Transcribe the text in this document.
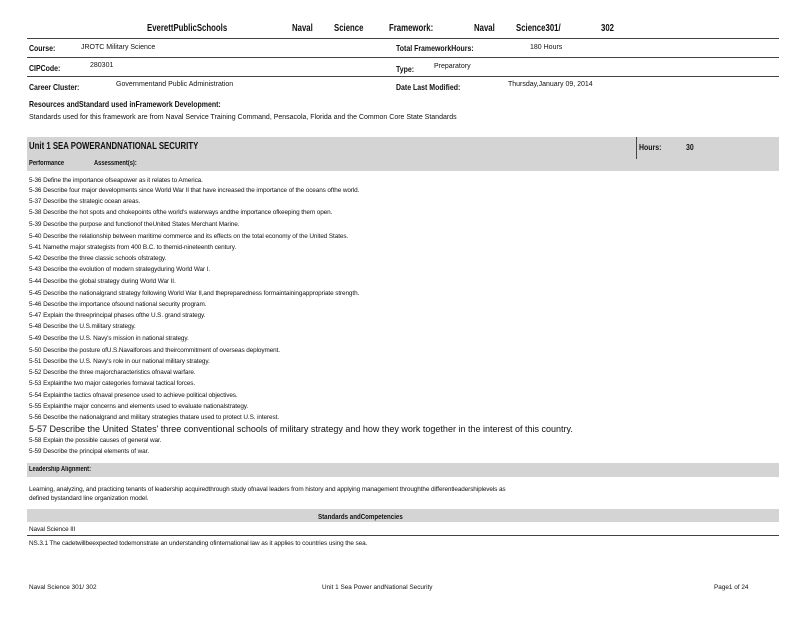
EverettPublicSchools	Naval Science	Framework:	Naval Science301/	302
Course:	JROTC Military Science	Total FrameworkHours:	180 Hours
CIPCode:	280301	Type:	Preparatory
Career Cluster:	Governmentand Public Administration	Date Last Modified:	Thursday,January 09, 2014
Resources andStandard used inFramework Development:
Standards used for this framework are from Naval Service Training Command, Pensacola, Florida and the Common Core State Standards
Unit 1 SEA POWERANDNATIONAL SECURITY	Hours:	30
Performance	Assessment(s):
5-36 Define the importance ofseapower as it relates to America.
5-36 Describe four major developments since World War II that have increased the importance of the oceans ofthe world.
5-37 Describe the strategic ocean areas.
5-38 Describe the hot spots and chokepoints ofthe world's waterways andthe importance ofkeeping them open.
5-39 Describe the purpose and functionof theUnited States Merchant Marine.
5-40 Describe the relationship between maritime commerce and its effects on the total economy of the United States.
5-41 Namethe major strategists from 400 B.C. to themid-nineteenth century.
5-42 Describe the three classic schools ofstrategy.
5-43 Describe the evolution of modern strategyduring World War I.
5-44 Describe the global strategy during World War II.
5-45 Describe the nationalgrand strategy following World War II,and thepreparedness formaintainingappropriate strength.
5-46 Describe the importance ofsound national security program.
5-47 Explain the threeprincipal phases ofthe U.S. grand strategy.
5-48 Describe the U.S.military strategy.
5-49 Describe the U.S. Navy's mission in national strategy.
5-50 Describe the posture ofU.S.Navalforces and theircommitment of overseas deployment.
5-51 Describe the U.S. Navy's role in our national military strategy.
5-52 Describe the three majorcharacteristics ofnaval warfare.
5-53 Explainthe two major categories fornaval tactical forces.
5-54 Explainthe tactics ofnaval presence used to achieve political objectives.
5-55 Explainthe major concerns and elements used to evaluate nationalstrategy.
5-56 Describe the nationalgrand and military strategies thatare used to protect U.S. interest.
5-57 Describe the United States' three conventional schools of military strategy and how they work together in the interest of this country.
5-58 Explain the possible causes of general war.
5-59 Describe the principal elements of war.
Leadership Alignment:
Learning, analyzing, and practicing tenants of leadership acquiredthrough study ofnaval leaders from history and applying management throughthe differentleadershiplevels as
defined bystandard line organization model.
Standards andCompetencies
Naval Science III
NS.3.1 The cadetwillbeexpected todemonstrate an understanding ofinternational law as it applies to countries using the sea.
Naval Science 301/ 302	Unit 1 Sea Power andNational Security	Page1 of 24
